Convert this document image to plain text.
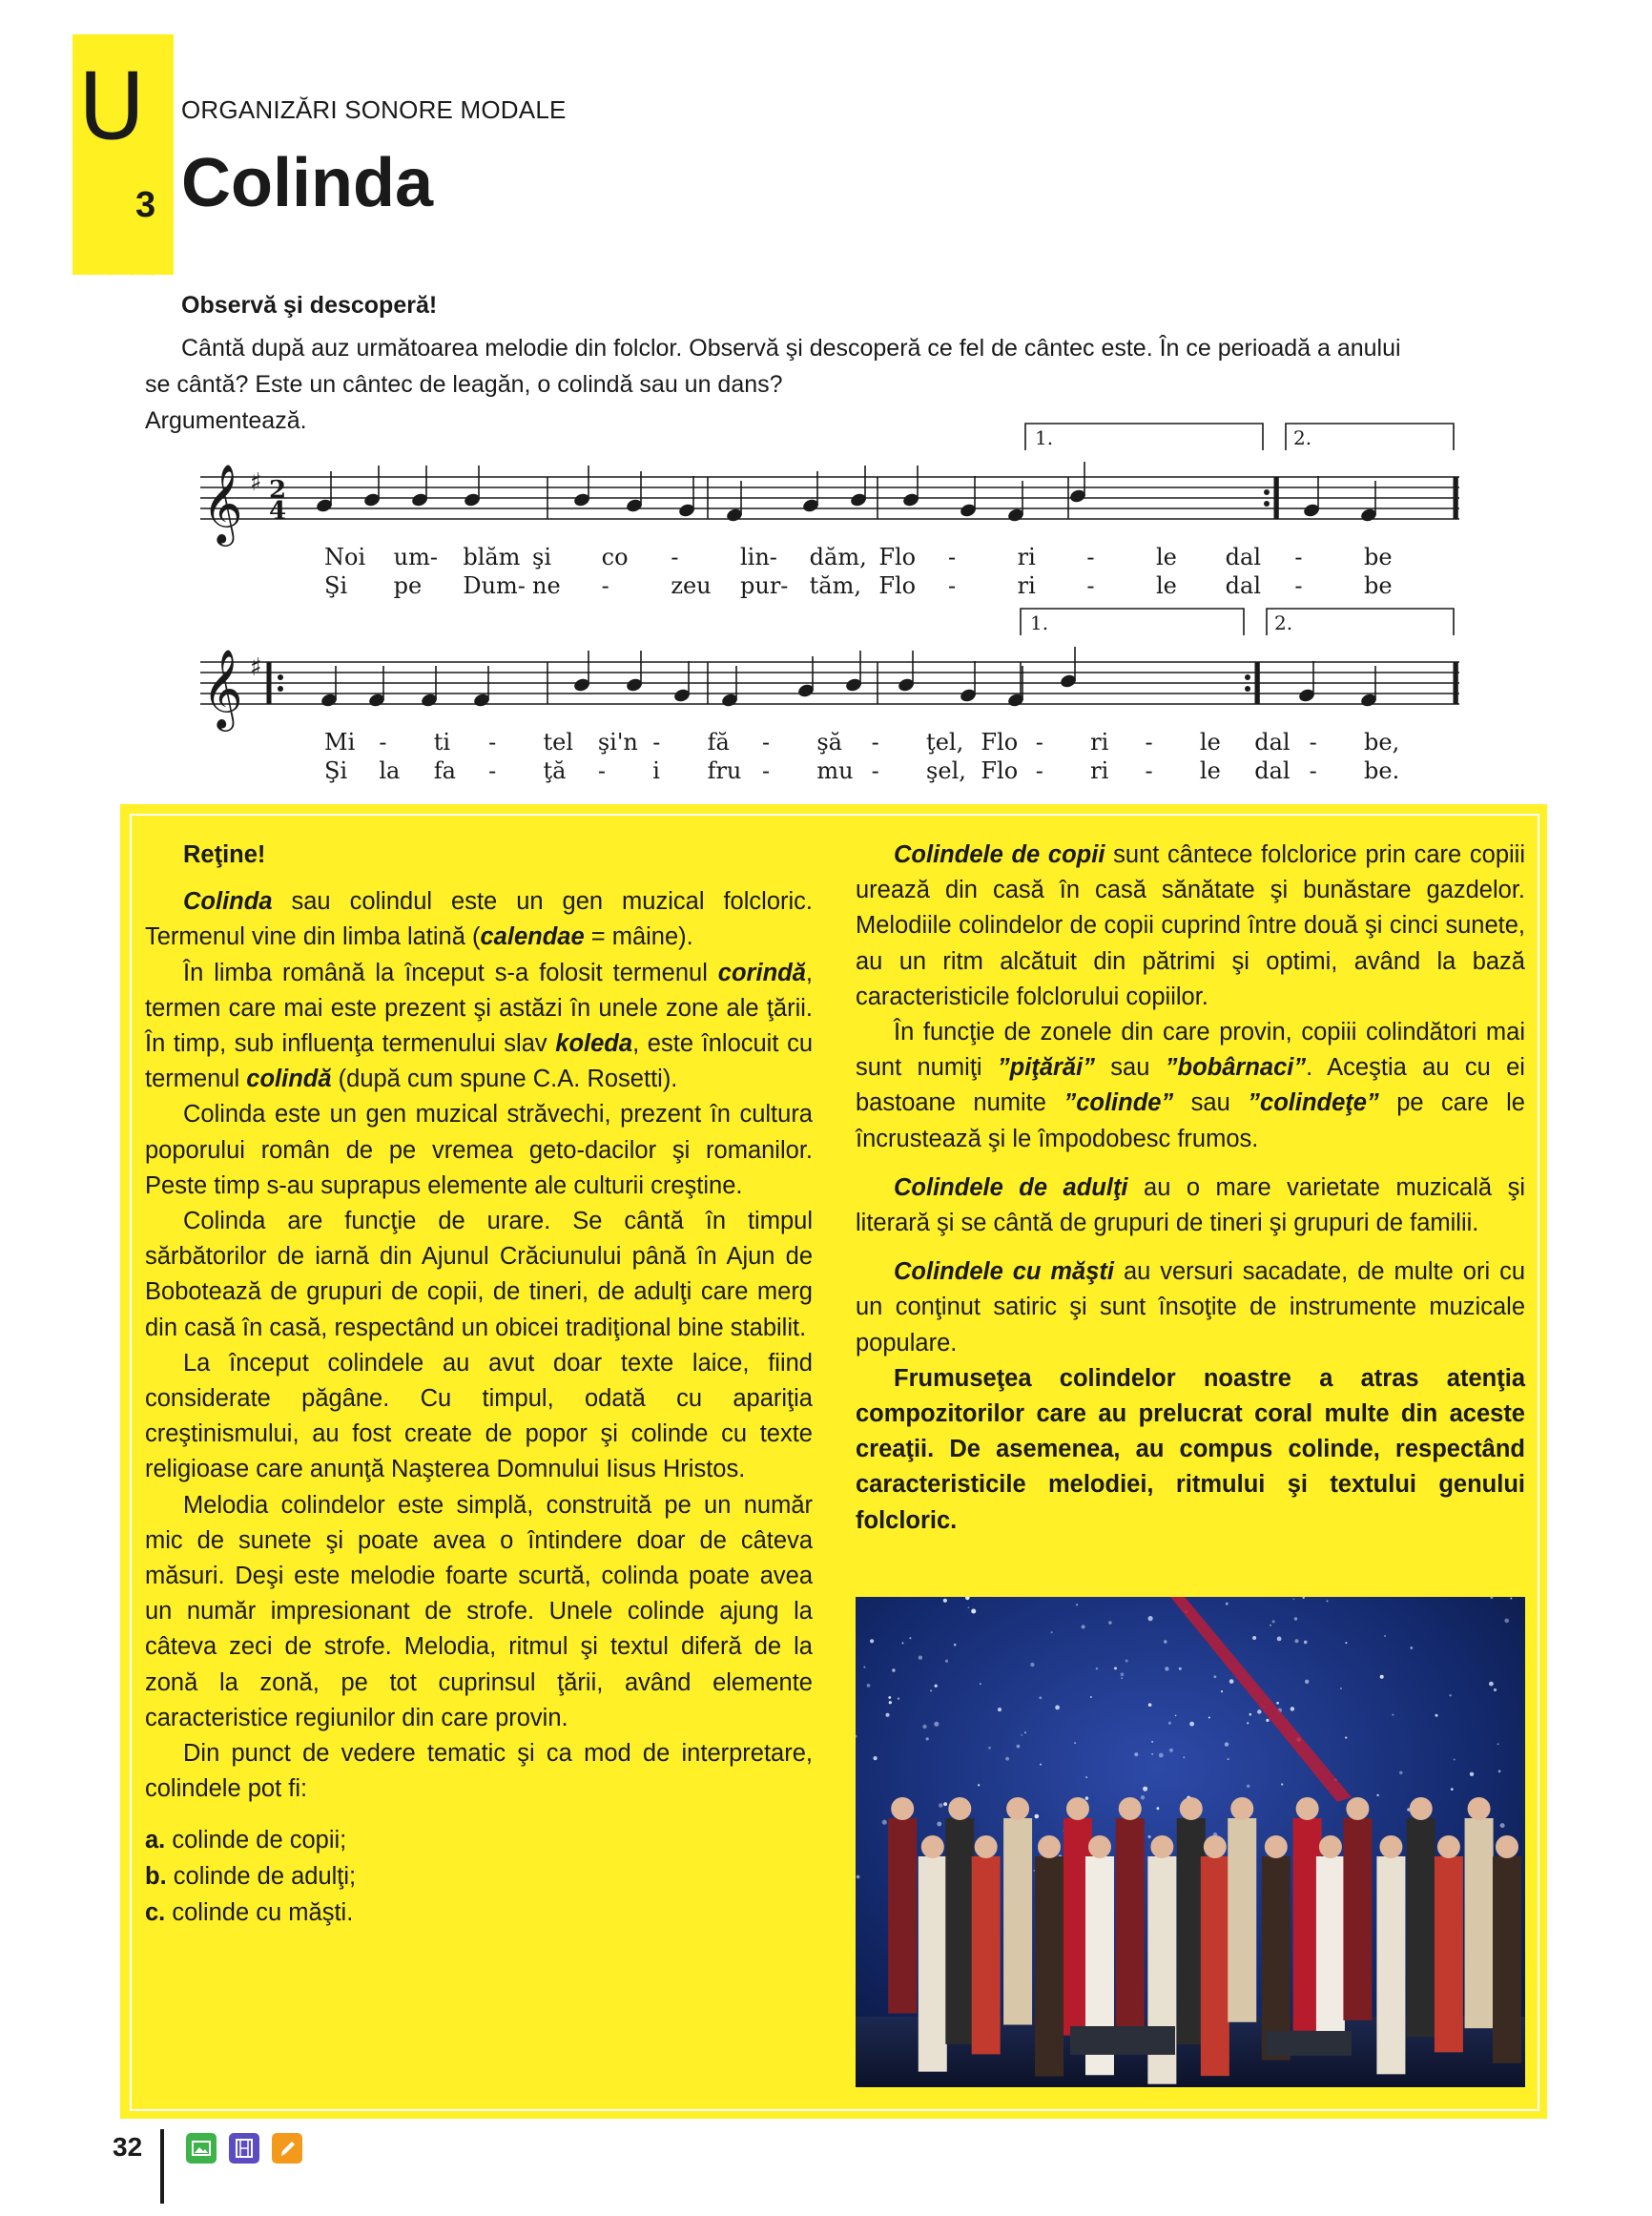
U
3
ORGANIZĂRI SONORE MODALE
Colinda
Observă şi descoperă!
Cântă după auz următoarea melodie din folclor. Observă şi descoperă ce fel de cântec este. În ce perioadă a anului
se cântă? Este un cântec de leagăn, o colindă sau un dans?
Argumentează.
𝄞 ♯ 2
4
1.	2.
𝄞 ♯
1.	2.
Noi um- blăm şi co -	lin- dăm, Flo -	ri -	le dal -	be
Şi pe Dum- ne -	zeu pur- tăm, Flo -	ri -	le dal -	be
Mi - ti - tel şi'n - fă - şă - ţel, Flo - ri - le dal - be,
Şi la fa - ţă - i fru - mu - şel, Flo - ri - le dal - be.
Reţine!

Colinda sau colindul este un gen muzical folcloric. Termenul vine din limba latină (calendae = mâine).

În limba română la început s-a folosit termenul corindă, termen care mai este prezent şi astăzi în unele zone ale ţării. În timp, sub influenţa termenului slav koleda, este înlocuit cu termenul colindă (după cum spune C.A. Rosetti).

Colinda este un gen muzical străvechi, prezent în cultura poporului român de pe vremea geto-dacilor şi romanilor. Peste timp s-au suprapus elemente ale culturii creştine.

Colinda are funcţie de urare. Se cântă în timpul sărbătorilor de iarnă din Ajunul Crăciunului până în Ajun de Bobotează de grupuri de copii, de tineri, de adulţi care merg din casă în casă, respectând un obicei tradiţional bine stabilit.

La început colindele au avut doar texte laice, fiind considerate păgâne. Cu timpul, odată cu apariţia creştinismului, au fost create de popor şi colinde cu texte religioase care anunţă Naşterea Domnului Iisus Hristos.

Melodia colindelor este simplă, construită pe un număr mic de sunete şi poate avea o întindere doar de câteva măsuri. Deşi este melodie foarte scurtă, colinda poate avea un număr impresionant de strofe. Unele colinde ajung la câteva zeci de strofe. Melodia, ritmul şi textul diferă de la zonă la zonă, pe tot cuprinsul ţării, având elemente caracteristice regiunilor din care provin.

Din punct de vedere tematic şi ca mod de interpretare, colindele pot fi:

a. colinde de copii;
b. colinde de adulţi;
c. colinde cu măşti.

Colindele de copii sunt cântece folclorice prin care copiii urează din casă în casă sănătate şi bunăstare gazdelor. Melodiile colindelor de copii cuprind între două şi cinci sunete, au un ritm alcătuit din pătrimi şi optimi, având la bază caracteristicile folclorului copiilor.

În funcţie de zonele din care provin, copiii colindători mai sunt numiţi ”piţărăi” sau ”bobârnaci”. Aceştia au cu ei bastoane numite ”colinde” sau ”colindeţe” pe care le încrustează şi le împodobesc frumos.

Colindele de adulţi au o mare varietate muzicală şi literară şi se cântă de grupuri de tineri şi grupuri de familii.

Colindele cu măşti au versuri sacadate, de multe ori cu un conţinut satiric şi sunt însoţite de instrumente muzicale populare.

Frumuseţea colindelor noastre a atras atenţia compozitorilor care au prelucrat coral multe din aceste creaţii. De asemenea, au compus colinde, respectând caracteristicile melodiei, ritmului şi textului genului folcloric.

32
